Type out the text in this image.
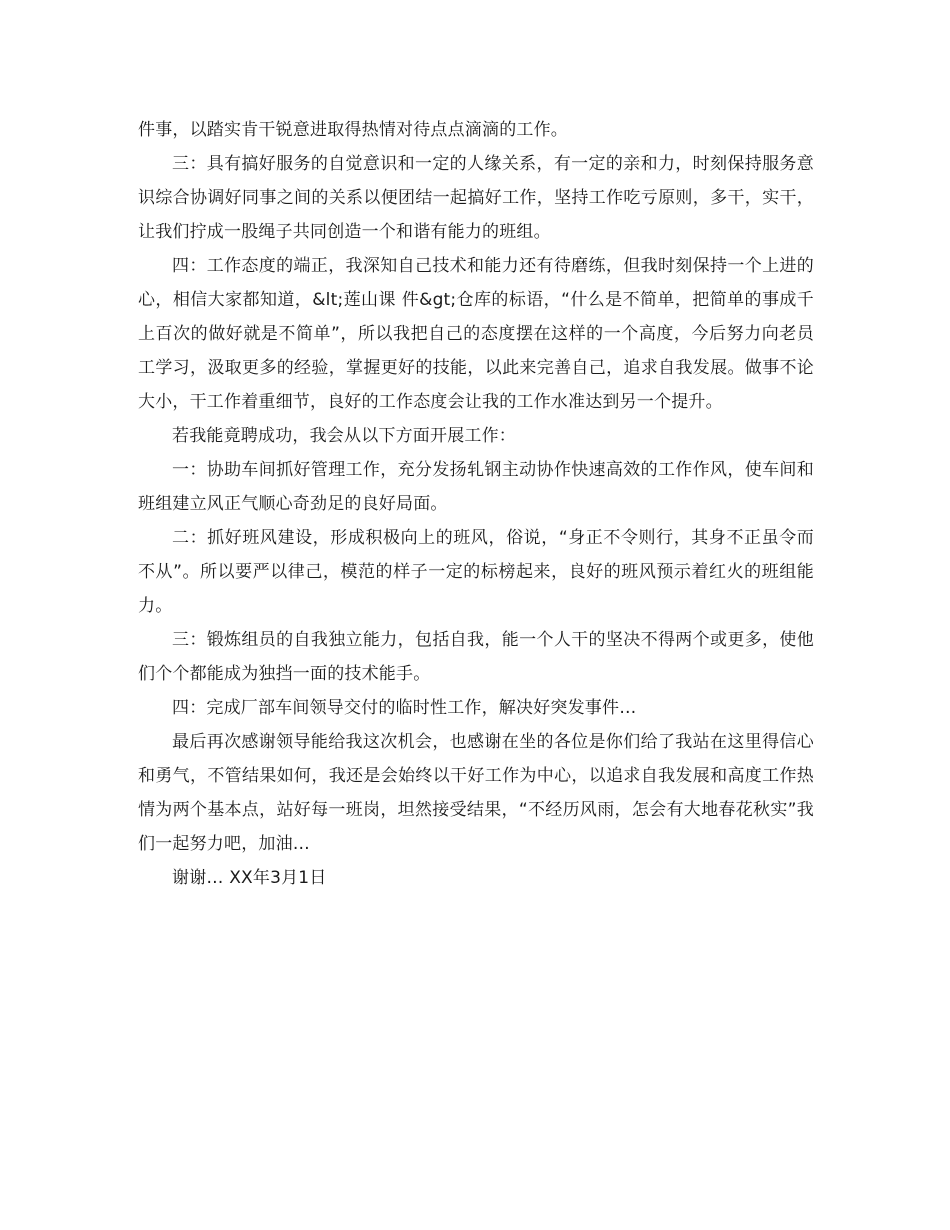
件事，以踏实肯干锐意进取得热情对待点点滴滴的工作。

三：具有搞好服务的自觉意识和一定的人缘关系，有一定的亲和力，时刻保持服务意识综合协调好同事之间的关系以便团结一起搞好工作，坚持工作吃亏原则，多干，实干，让我们拧成一股绳子共同创造一个和谐有能力的班组。

四：工作态度的端正，我深知自己技术和能力还有待磨练，但我时刻保持一个上进的心，相信大家都知道，&lt;莲山课 件&gt;仓库的标语，“什么是不简单，把简单的事成千上百次的做好就是不简单”，所以我把自己的态度摆在这样的一个高度，今后努力向老员工学习，汲取更多的经验，掌握更好的技能，以此来完善自己，追求自我发展。做事不论大小，干工作着重细节，良好的工作态度会让我的工作水准达到另一个提升。

若我能竟聘成功，我会从以下方面开展工作：

一：协助车间抓好管理工作，充分发扬轧钢主动协作快速高效的工作作风，使车间和班组建立风正气顺心奇劲足的良好局面。

二：抓好班风建设，形成积极向上的班风，俗说，“身正不令则行，其身不正虽令而不从”。所以要严以律己，模范的样子一定的标榜起来，良好的班风预示着红火的班组能力。

三：锻炼组员的自我独立能力，包括自我，能一个人干的坚决不得两个或更多，使他们个个都能成为独挡一面的技术能手。

四：完成厂部车间领导交付的临时性工作，解决好突发事件…

最后再次感谢领导能给我这次机会，也感谢在坐的各位是你们给了我站在这里得信心和勇气，不管结果如何，我还是会始终以干好工作为中心，以追求自我发展和高度工作热情为两个基本点，站好每一班岗，坦然接受结果，“不经历风雨，怎会有大地春花秋实”我们一起努力吧，加油…

谢谢… XX年3月1日
